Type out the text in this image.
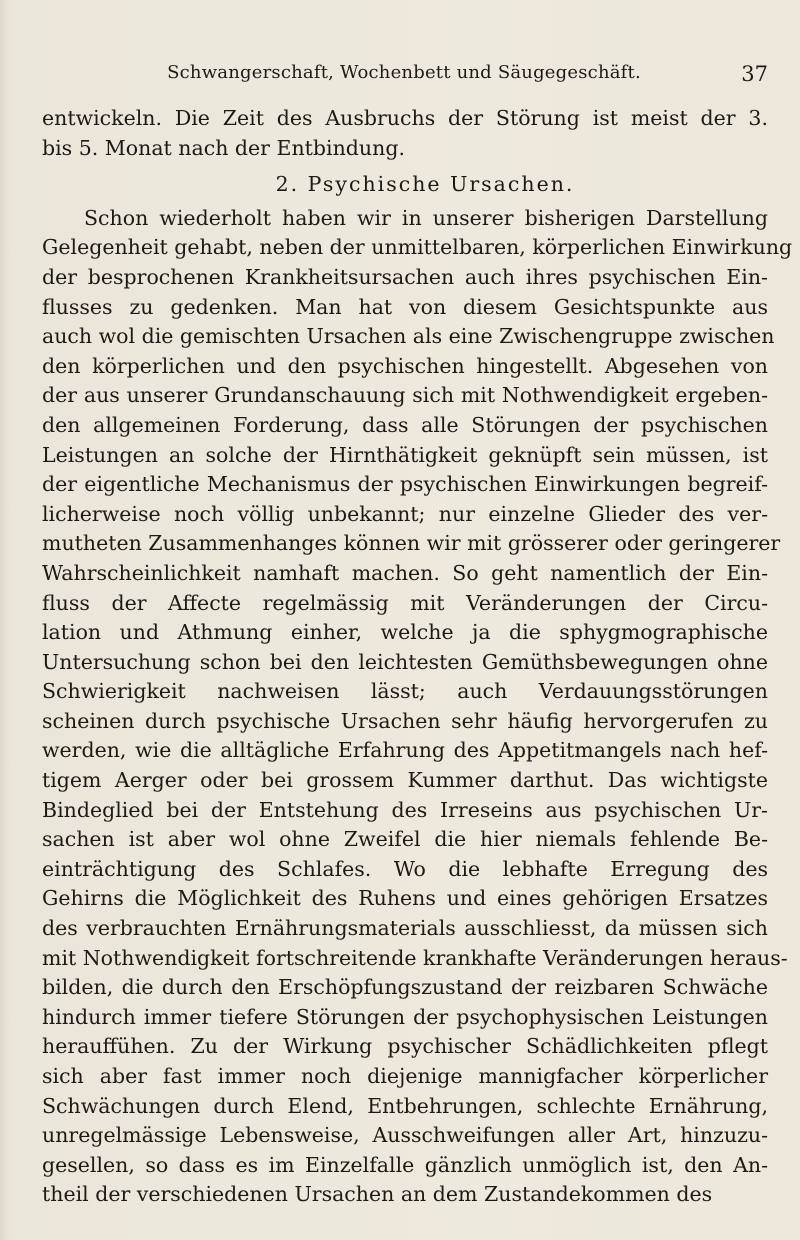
Schwangerschaft, Wochenbett und Säugegeschäft.	37
entwickeln. Die Zeit des Ausbruchs der Störung ist meist der 3.
bis 5. Monat nach der Entbindung.
2. Psychische Ursachen.
Schon wiederholt haben wir in unserer bisherigen Darstellung
Gelegenheit gehabt, neben der unmittelbaren, körperlichen Einwirkung
der besprochenen Krankheitsursachen auch ihres psychischen Ein-
flusses zu gedenken. Man hat von diesem Gesichtspunkte aus
auch wol die gemischten Ursachen als eine Zwischengruppe zwischen
den körperlichen und den psychischen hingestellt. Abgesehen von
der aus unserer Grundanschauung sich mit Nothwendigkeit ergeben-
den allgemeinen Forderung, dass alle Störungen der psychischen
Leistungen an solche der Hirnthätigkeit geknüpft sein müssen, ist
der eigentliche Mechanismus der psychischen Einwirkungen begreif-
licherweise noch völlig unbekannt; nur einzelne Glieder des ver-
mutheten Zusammenhanges können wir mit grösserer oder geringerer
Wahrscheinlichkeit namhaft machen. So geht namentlich der Ein-
fluss der Affecte regelmässig mit Veränderungen der Circu-
lation und Athmung einher, welche ja die sphygmographische
Untersuchung schon bei den leichtesten Gemüthsbewegungen ohne
Schwierigkeit nachweisen lässt; auch Verdauungsstörungen
scheinen durch psychische Ursachen sehr häufig hervorgerufen zu
werden, wie die alltägliche Erfahrung des Appetitmangels nach hef-
tigem Aerger oder bei grossem Kummer darthut. Das wichtigste
Bindeglied bei der Entstehung des Irreseins aus psychischen Ur-
sachen ist aber wol ohne Zweifel die hier niemals fehlende Be-
einträchtigung des Schlafes. Wo die lebhafte Erregung des
Gehirns die Möglichkeit des Ruhens und eines gehörigen Ersatzes
des verbrauchten Ernährungsmaterials ausschliesst, da müssen sich
mit Nothwendigkeit fortschreitende krankhafte Veränderungen heraus-
bilden, die durch den Erschöpfungszustand der reizbaren Schwäche
hindurch immer tiefere Störungen der psychophysischen Leistungen
herauffühen. Zu der Wirkung psychischer Schädlichkeiten pflegt
sich aber fast immer noch diejenige mannigfacher körperlicher
Schwächungen durch Elend, Entbehrungen, schlechte Ernährung,
unregelmässige Lebensweise, Ausschweifungen aller Art, hinzuzu-
gesellen, so dass es im Einzelfalle gänzlich unmöglich ist, den An-
theil der verschiedenen Ursachen an dem Zustandekommen des
